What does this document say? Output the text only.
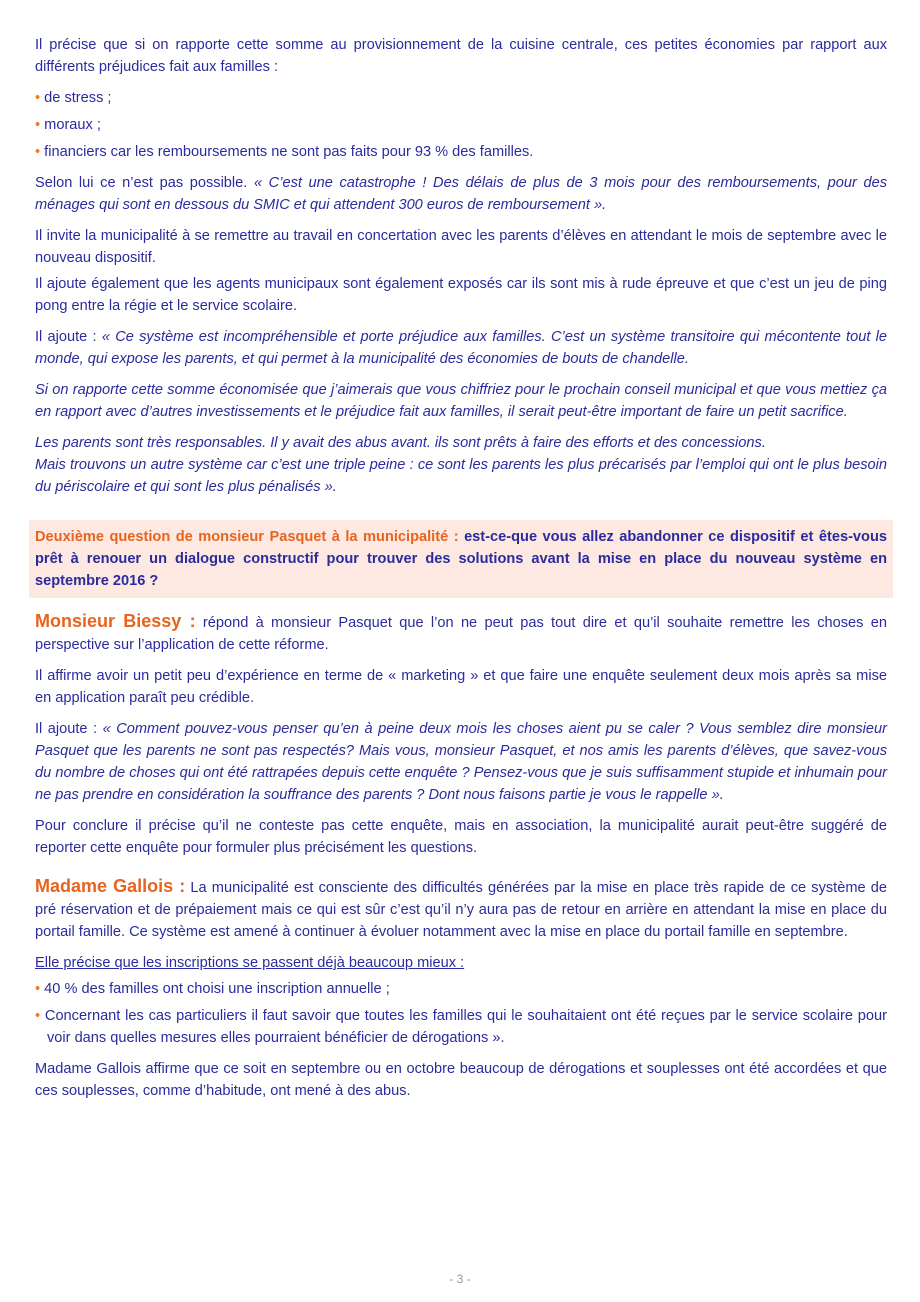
Il précise que si on rapporte cette somme au provisionnement de la cuisine centrale, ces petites économies par rapport aux différents préjudices fait aux familles :

• de stress ;
• moraux ;
• financiers car les remboursements ne sont pas faits pour 93 % des familles.

Selon lui ce n’est pas possible. « C’est une catastrophe ! Des délais de plus de 3 mois pour des remboursements, pour des ménages qui sont en dessous du SMIC et qui attendent 300 euros de remboursement ».

Il invite la municipalité à se remettre au travail en concertation avec les parents d’élèves en attendant le mois de septembre avec le nouveau dispositif.

Il ajoute également que les agents municipaux sont également exposés car ils sont mis à rude épreuve et que c’est un jeu de ping pong entre la régie et le service scolaire.

Il ajoute : « Ce système est incompréhensible et porte préjudice aux familles. C’est un système transitoire qui mécontente tout le monde, qui expose les parents, et qui permet à la municipalité des économies de bouts de chandelle.

Si on rapporte cette somme économisée que j’aimerais que vous chiffriez pour le prochain conseil municipal et que vous mettiez ça en rapport avec d’autres investissements et le préjudice fait aux familles, il serait peut-être important de faire un petit sacrifice.

Les parents sont très responsables. Il y avait des abus avant. ils sont prêts à faire des efforts et des concessions.

Mais trouvons un autre système car c’est une triple peine : ce sont les parents les plus précarisés par l’emploi qui ont le plus besoin du périscolaire et qui sont les plus pénalisés ».

Deuxième question de monsieur Pasquet à la municipalité : est-ce-que vous allez abandonner ce dispositif et êtes-vous prêt à renouer un dialogue constructif pour trouver des solutions avant la mise en place du nouveau système en septembre 2016 ?

Monsieur Biessy : répond à monsieur Pasquet que l’on ne peut pas tout dire et qu’il souhaite remettre les choses en perspective sur l’application de cette réforme.

Il affirme avoir un petit peu d’expérience en terme de « marketing » et que faire une enquête seulement deux mois après sa mise en application paraît peu crédible.

Il ajoute : « Comment pouvez-vous penser qu’en à peine deux mois les choses aient pu se caler ? Vous semblez dire monsieur Pasquet que les parents ne sont pas respectés? Mais vous, monsieur Pasquet, et nos amis les parents d’élèves, que savez-vous du nombre de choses qui ont été rattrapées depuis cette enquête ? Pensez-vous que je suis suffisamment stupide et inhumain pour ne pas prendre en considération la souffrance des parents ? Dont nous faisons partie je vous le rappelle ».

Pour conclure il précise qu’il ne conteste pas cette enquête, mais en association, la municipalité aurait peut-être suggéré de reporter cette enquête pour formuler plus précisément les questions.

Madame Gallois : La municipalité est consciente des difficultés générées par la mise en place très rapide de ce système de pré réservation et de prépaiement mais ce qui est sûr c’est qu’il n’y aura pas de retour en arrière en attendant la mise en place du portail famille. Ce système est amené à continuer à évoluer notamment avec la mise en place du portail famille en septembre.

Elle précise que les inscriptions se passent déjà beaucoup mieux :
• 40 % des familles ont choisi une inscription annuelle ;
• Concernant les cas particuliers il faut savoir que toutes les familles qui le souhaitaient ont été reçues par le service scolaire pour voir dans quelles mesures elles pourraient bénéficier de dérogations ».

Madame Gallois affirme que ce soit en septembre ou en octobre beaucoup de dérogations et souplesses ont été accordées et que ces souplesses, comme d’habitude, ont mené à des abus.

- 3 -
